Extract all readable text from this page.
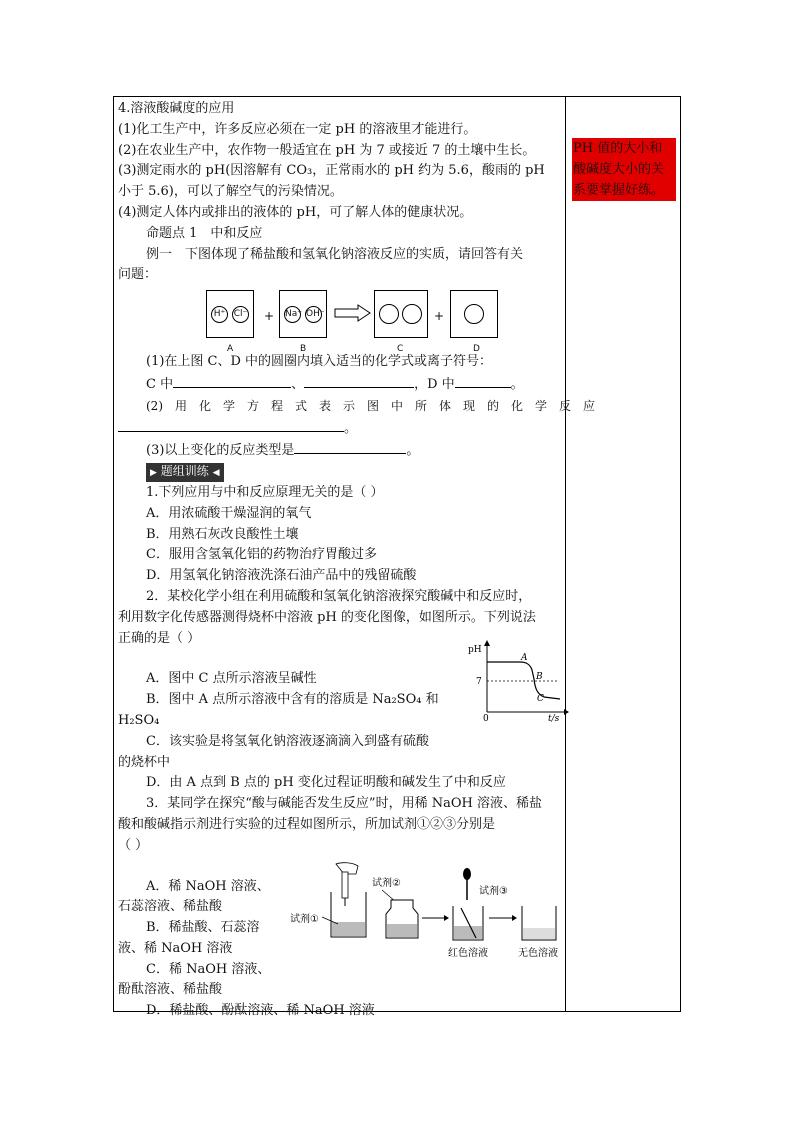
4.溶液酸碱度的应用
(1)化工生产中，许多反应必须在一定 pH 的溶液里才能进行。
(2)在农业生产中，农作物一般适宜在 pH 为 7 或接近 7 的土壤中生长。
(3)测定雨水的 pH(因溶解有 CO₃，正常雨水的 pH 约为 5.6，酸雨的 pH
小于 5.6)，可以了解空气的污染情况。
(4)测定人体内或排出的液体的 pH，可了解人体的健康状况。
命题点 1　中和反应
例一　下图体现了稀盐酸和氢氧化钠溶液反应的实质，请回答有关
问题：
H⁺ Cl⁻ + Na⁺ OH⁻	+
A	B	C	D
(1)在上图 C、D 中的圆圈内填入适当的化学式或离子符号：
C 中	、	，D 中	。
(2)　用　化　学　方　程　式　表　示　图　中　所　体　现　的　化　学　反　应
。
(3)以上变化的反应类型是	。
▶ 题组训练 ◀
1.下列应用与中和反应原理无关的是（ ）
A．用浓硫酸干燥湿润的氧气
B．用熟石灰改良酸性土壤
C．服用含氢氧化铝的药物治疗胃酸过多
D．用氢氧化钠溶液洗涤石油产品中的残留硫酸
2．某校化学小组在利用硫酸和氢氧化钠溶液探究酸碱中和反应时，
利用数字化传感器测得烧杯中溶液 pH 的变化图像，如图所示。下列说法
正确的是（ ）
A．图中 C 点所示溶液呈碱性
B．图中 A 点所示溶液中含有的溶质是 Na₂SO₄ 和
H₂SO₄
C．该实验是将氢氧化钠溶液逐滴滴入到盛有硫酸
的烧杯中
D．由 A 点到 B 点的 pH 变化过程证明酸和碱发生了中和反应
3．某同学在探究“酸与碱能否发生反应”时，用稀 NaOH 溶液、稀盐
酸和酸碱指示剂进行实验的过程如图所示，所加试剂①②③分别是
（ ）
A．稀 NaOH 溶液、
石蕊溶液、稀盐酸
B．稀盐酸、石蕊溶
液、稀 NaOH 溶液
C．稀 NaOH 溶液、
酚酞溶液、稀盐酸
D．稀盐酸、酚酞溶液、稀 NaOH 溶液
pH
7
0	t/s
A
B
C
试剂①
试剂②
试剂③
红色溶液	无色溶液
PH 值的大小和酸碱度大小的关系要掌握好练。
